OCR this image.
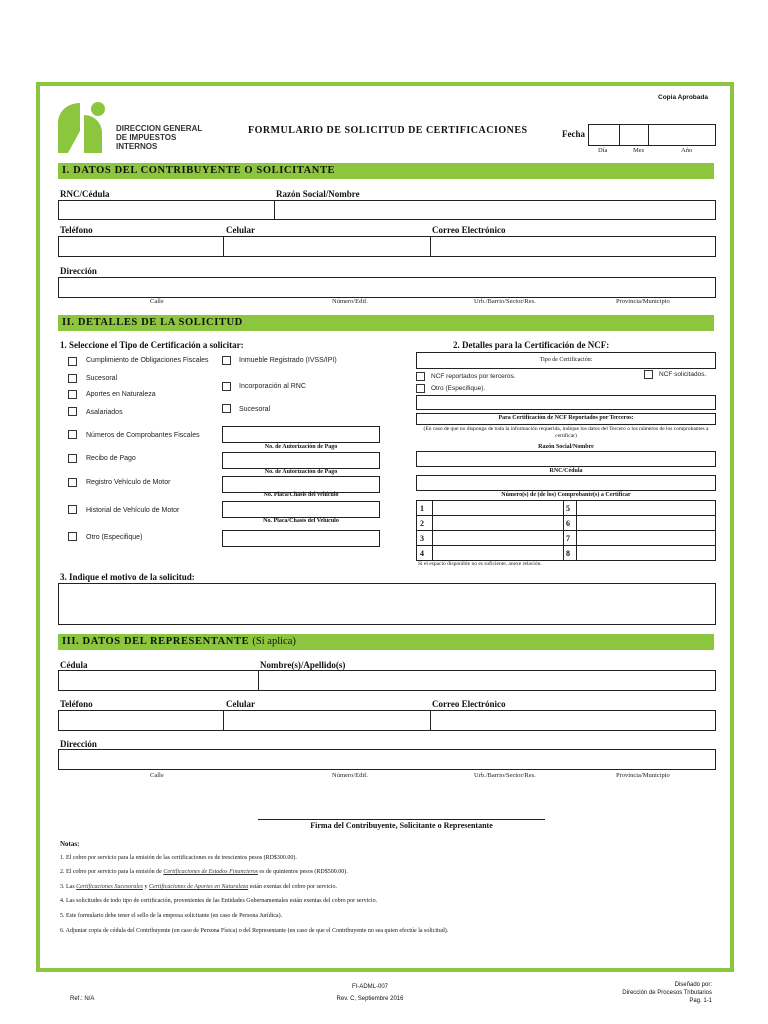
DIRECCION GENERAL
DE IMPUESTOS
INTERNOS
Copia Aprobada
FORMULARIO DE SOLICITUD DE CERTIFICACIONES	Fecha
Día	Mes	Año
I. DATOS DEL CONTRIBUYENTE O SOLICITANTE
RNC/Cédula	Razón Social/Nombre
Teléfono	Celular	Correo Electrónico
Dirección
Calle	Número/Edif.	Urb./Barrio/Sector/Res.	Provincia/Municipio
II. DETALLES DE LA SOLICITUD
1. Seleccione el Tipo de Certificación a solicitar:	2. Detalles para la Certificación de NCF:
Cumplimiento de Obligaciones Fiscales
Sucesoral
Aportes en Naturaleza
Asalariados
Números de Comprobantes Fiscales
Recibo de Pago
Registro Vehículo de Motor
Historial de Vehículo de Motor
Otro (Especifique)
Inmueble Registrado (IVSS/IPI)
Incorporación al RNC
Sucesoral
No. de Autorización de Pago
No. de Autorización de Pago
No. Placa/Chasis del vehículo
No. Placa/Chasis del Vehículo
Tipo de Certificación:
NCF reportados por terceros.	NCF solicitados.
Otro (Especifique).
Para Certificación de NCF Reportados por Terceros:
(En caso de que no disponga de toda la información requerida, indique los datos del Tercero o los números de los comprobantes a certificar)
Razón Social/Nombre
RNC/Cédula
Número(s) de (de los) Comprobante(s) a Certificar
1		5	
2		6	
3		7	
4		8	
Si el espacio disponible no es suficiente, anexe relación.
3. Indique el motivo de la solicitud:
III. DATOS DEL REPRESENTANTE (Si aplica)
Cédula	Nombre(s)/Apellido(s)
Teléfono	Celular	Correo Electrónico
Dirección
Calle	Número/Edif.	Urb./Barrio/Sector/Res.	Provincia/Municipio
Firma del Contribuyente, Solicitante o Representante
Notas:
1. El cobro por servicio para la emisión de las certificaciones es de trescientos pesos (RD$300.00).
2. El cobro por servicio para la emisión de Certificaciones de Estados Financieros es de quinientos pesos (RD$500.00).
3. Las Certificaciones Sucesorales y Certificaciones de Aportes en Naturaleza están exentas del cobro por servicio.
4. Las solicitudes de todo tipo de certificación, provenientes de las Entidades Gubernamentales están exentas del cobro por servicio.
5. Este formulario debe tener el sello de la empresa solicitante (en caso de Persona Jurídica).
6. Adjuntar copia de cédula del Contribuyente (en caso de Persona Física) o del Representante (en caso de que el Contribuyente no sea quien efectúe la solicitud).
Ref.: N/A
FI-ADML-007
Rev. C, Septiembre 2016
Diseñado por:
Dirección de Procesos Tributarios
Pag. 1-1
